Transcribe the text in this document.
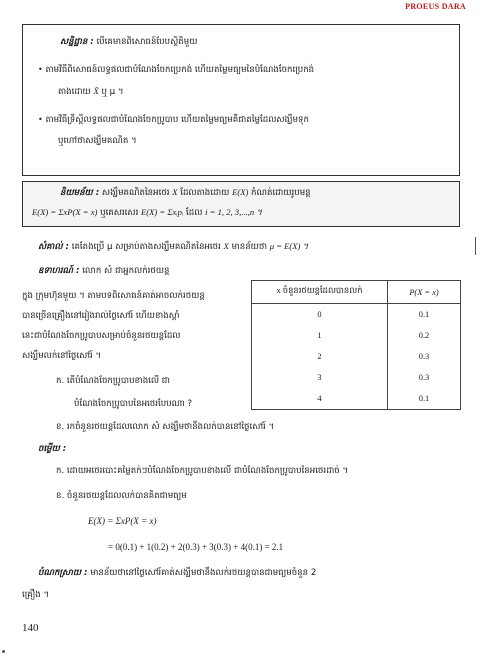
PROEUS DARA
សន្និដ្ឋាន : បើគេមានពិសោធន៍បែបស្ថិតិមួយ
• តាមវិធីពិសោធន៍លទ្ធផលជាបំណែងចែកប្រេកង់ ហើយតម្លៃមធ្យមនៃបំណែងចែកប្រេកង់
តាងដោយ X̄ ឬ μ ។
• តាមវិធីទ្រឹស្តីលទ្ធផលជាបំណែងចែកប្រូបាប ហើយតម្លៃមធ្យមគឺជាតម្លៃដែលសង្ឃឹមទុក
ឬហៅថាសង្ឃឹមគណិត ។
និយមន័យ : សង្ឃឹមគណិតនៃអថេរ X ដែលតាងដោយ E(X) កំណត់ដោយរូបមន្ត
E(X) = ΣxP(X = x) ឬគេសរសេរ E(X) = Σxᵢpᵢ ដែល i = 1, 2, 3,...,n ។
សំគាល់ : គេតែងប្រើ μ សម្រាប់តាងសង្ឃឹមគណិតនៃអថេរ X មានន័យថា μ = E(X) ។
ឧទាហរណ៍ : លោក សំ ជាអ្នកលក់រថយន្ត
ក្នុង ក្រុមហ៊ុនមួយ ។ តាមបទពិសោធន៍គាត់អាចលក់រថយន្ត
បានច្រើនគ្រឿងនៅរៀងរាល់ថ្ងៃសៅរ៍ ហើយខាងស្ដាំ
នេះជាបំណែងចែកប្រូបាបសម្រាប់ចំនួនរថយន្តដែល
សង្ឃឹមលក់នៅថ្ងៃសៅរ៍ ។
ក. តើបំណែងចែកប្រូបាបខាងលើ ជា
បំណែងចែកប្រូបាបនៃអថេរបែបណា ?
ខ. រកចំនួនរថយន្តដែលលោក សំ សង្ឃឹមថានឹងលក់បាននៅថ្ងៃសៅរ៍ ។
x ចំនួនរថយន្តដែលបានលក់	P(X = x)
0	0.1
1	0.2
2	0.3
3	0.3
4	0.1
ចម្លើយ :
ក. ដោយអថេរបោះគម្លៃតក់ៗបំណែងចែកប្រូបាបខាងលើ ជាបំណែងចែកប្រូបាបនៃអថេរដាច់ ។
ខ. ចំនួនរថយន្តដែលលក់បានគិតជាមធ្យម
E(X) = ΣxP(X = x)
= 0(0.1) + 1(0.2) + 2(0.3) + 3(0.3) + 4(0.1) = 2.1
បំណកស្រាយ : មានន័យថានៅថ្ងៃសៅរ៍គាត់សង្ឃឹមថានឹងលក់រថយន្តបានជាមធ្យមចំនួន 2
គ្រឿង ។
140
